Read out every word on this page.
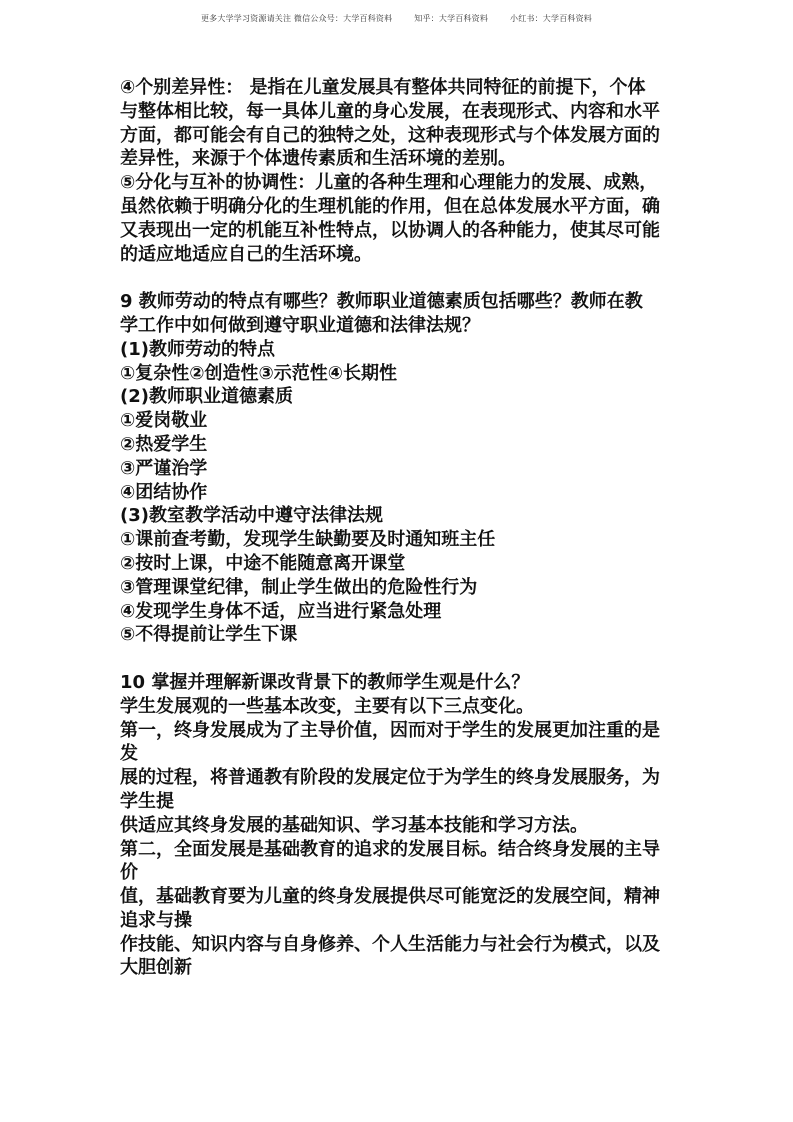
更多大学学习资源请关注 微信公众号：大学百科资料        知乎：大学百科资料        小红书：大学百科资料

④个别差异性： 是指在儿童发展具有整体共同特征的前提下，个体

与整体相比较，每一具体儿童的身心发展，在表现形式、内容和水平

方面，都可能会有自己的独特之处，这种表现形式与个体发展方面的

差异性，来源于个体遗传素质和生活环境的差别。

⑤分化与互补的协调性：儿童的各种生理和心理能力的发展、成熟，

虽然依赖于明确分化的生理机能的作用，但在总体发展水平方面，确

又表现出一定的机能互补性特点，以协调人的各种能力，使其尽可能

的适应地适应自己的生活环境。

9 教师劳动的特点有哪些？教师职业道德素质包括哪些？教师在教

学工作中如何做到遵守职业道德和法律法规？

(1)教师劳动的特点

①复杂性②创造性③示范性④长期性

(2)教师职业道德素质

①爱岗敬业

②热爱学生

③严谨治学

④团结协作

(3)教室教学活动中遵守法律法规

①课前查考勤，发现学生缺勤要及时通知班主任

②按时上课，中途不能随意离开课堂

③管理课堂纪律，制止学生做出的危险性行为

④发现学生身体不适，应当进行紧急处理

⑤不得提前让学生下课

10 掌握并理解新课改背景下的教师学生观是什么？

学生发展观的一些基本改变，主要有以下三点变化。

第一，终身发展成为了主导价值，因而对于学生的发展更加注重的是

发

展的过程，将普通教有阶段的发展定位于为学生的终身发展服务，为

学生提

供适应其终身发展的基础知识、学习基本技能和学习方法。

第二，全面发展是基础教育的追求的发展目标。结合终身发展的主导

价

值，基础教育要为儿童的终身发展提供尽可能宽泛的发展空间，精神

追求与操

作技能、知识内容与自身修养、个人生活能力与社会行为模式，以及

大胆创新
